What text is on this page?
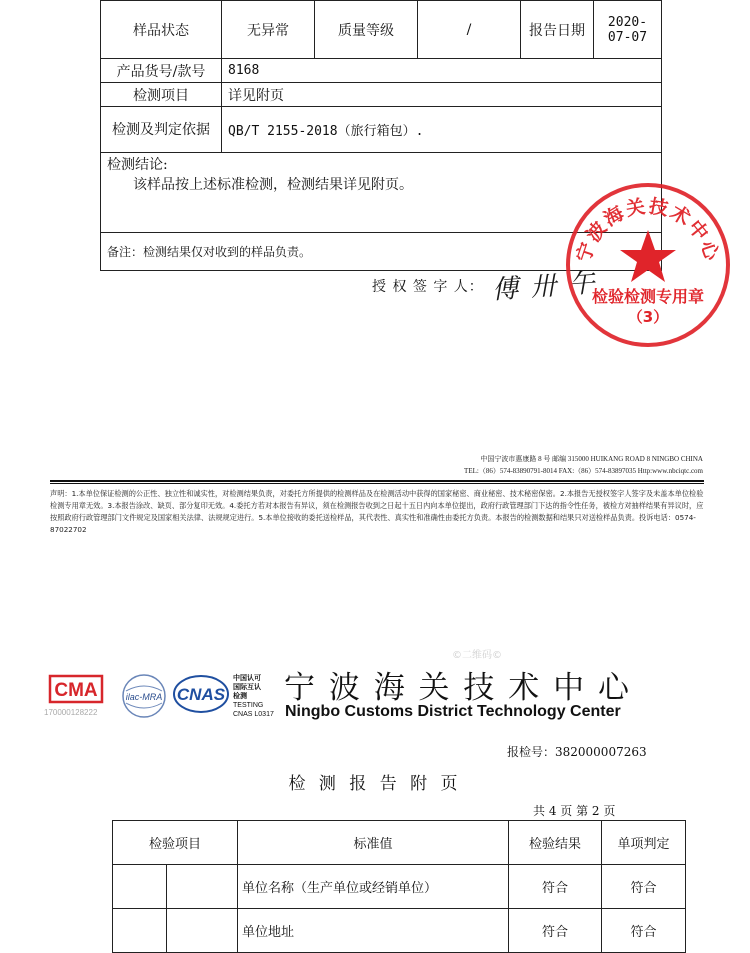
样品状态	无异常	质量等级	/	报告日期	2020-07-07
产品货号/款号	8168				
检测项目	详见附页				
检测及判定依据	QB/T 2155-2018（旅行箱包）.				

检测结论:
该样品按上述标准检测，检测结果详见附页。					

备注：检测结果仅对收到的样品负责。					
授 权 签 字 人： 傅 卅 午
宁波海关技术中心
检验检测专用章
（3）
中国宁波市惠康路 8 号 邮编 315000 HUIKANG ROAD 8 NINGBO CHINA
TEL:（86）574-83890791-8014 FAX:（86）574-83897035 Http:www.nbciqtc.com
声明：1.本单位保证检测的公正性、独立性和诚实性，对检测结果负责，对委托方所提供的检测样品及在检测活动中获得的国家秘密、商业秘密、技术秘密保密。2.本报告无授权签字人签字及未盖本单位检验检测专用章无效。3.本报告涂改、缺页、部分复印无效。4.委托方若对本报告有异议，须在检测报告收到之日起十五日内向本单位提出，政府行政管理部门下达的指令性任务，被检方对抽样结果有异议时，应按照政府行政管理部门文件规定及国家相关法律、法规规定进行。5.本单位接收的委托送检样品，其代表性、真实性和准确性由委托方负责。本报告的检测数据和结果只对送检样品负责。投诉电话：0574-87022702
©二维码©
CMA
170000128222
ilac-MRA CNAS
中国认可
国际互认
检测
TESTING
CNAS L0317
宁 波 海 关 技 术 中 心
Ningbo Customs District Technology Center
报检号：382000007263
检 测 报 告 附 页
共 4 页 第 2 页
检验项目		标准值	检验结果	单项判定
		单位名称（生产单位或经销单位）	符合	符合
		单位地址	符合	符合
